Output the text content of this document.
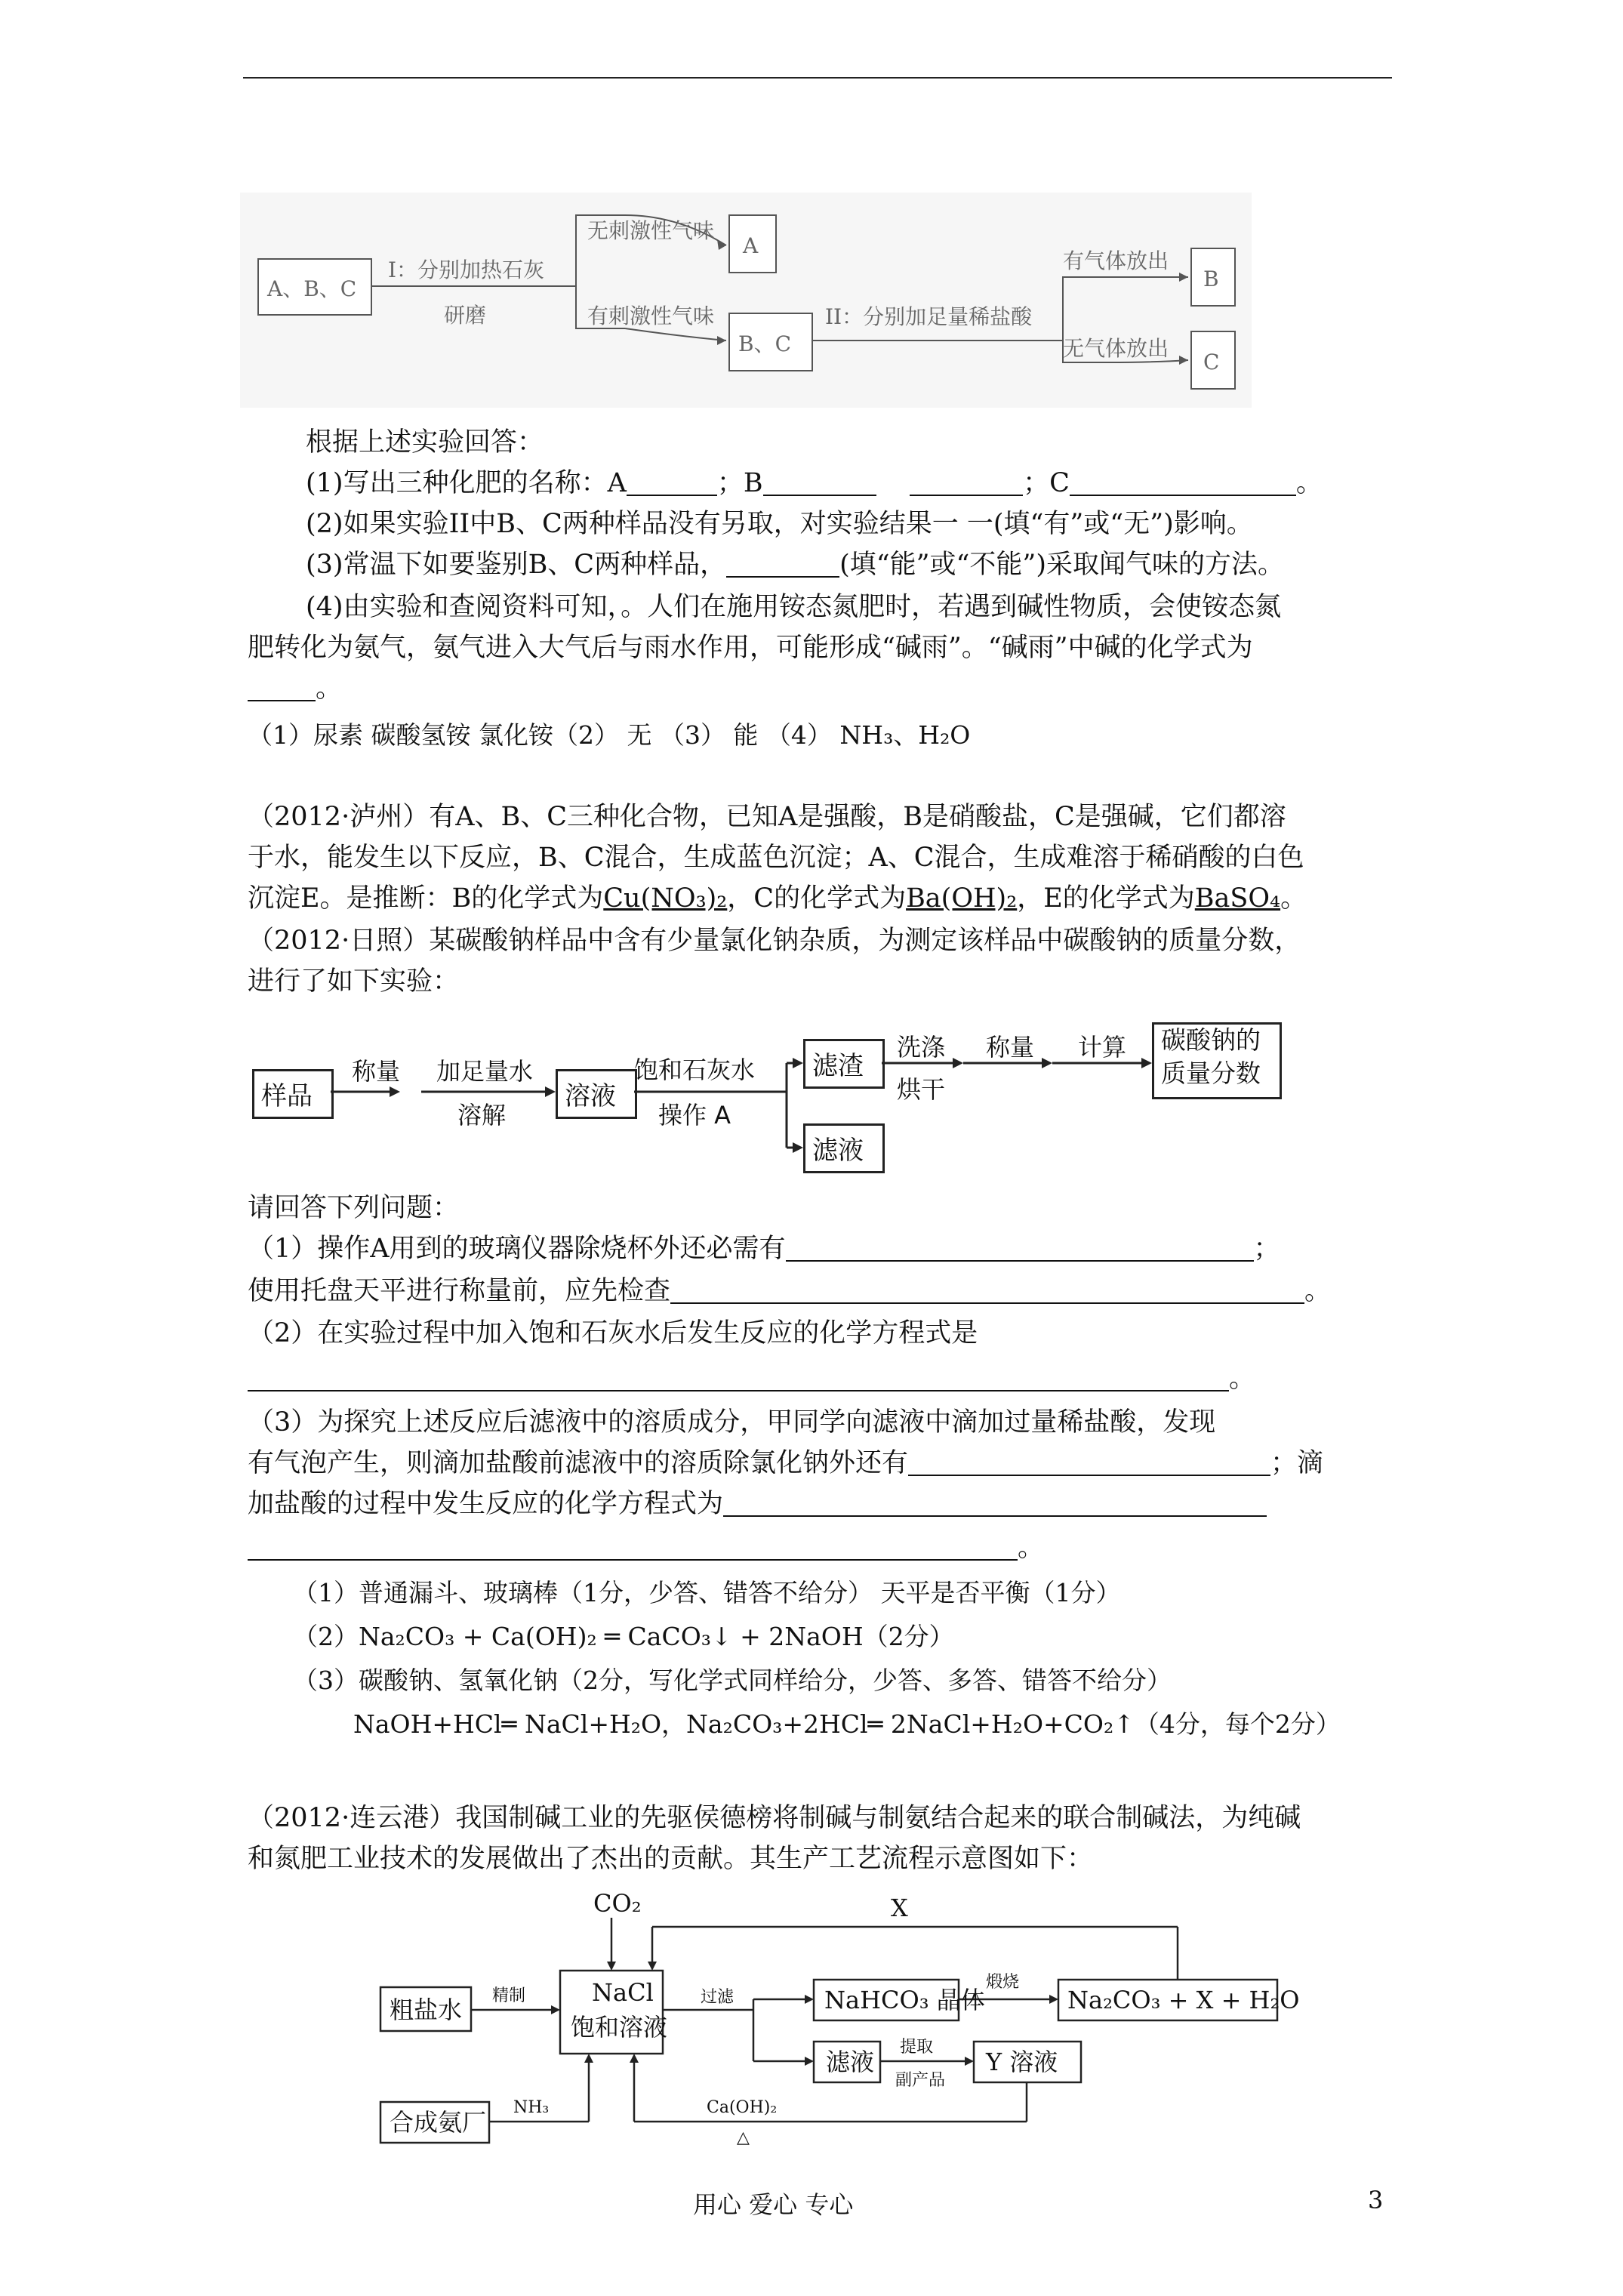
A、B、C
I：分别加热石灰
研磨
无刺激性气味
有刺激性气味
A
B、C
II：分别加足量稀盐酸
有气体放出
无气体放出
B
C
根据上述实验回答：
(1)写出三种化肥的名称：A	；B	；C	。
(2)如果实验II中B、C两种样品没有另取，对实验结果一 一(填“有”或“无”)影响。
(3)常温下如要鉴别B、C两种样品，	(填“能”或“不能”)采取闻气味的方法。
(4)由实验和查阅资料可知，。人们在施用铵态氮肥时，若遇到碱性物质，会使铵态氮
肥转化为氨气，氨气进入大气后与雨水作用，可能形成“碱雨”。“碱雨”中碱的化学式为
。
（1）尿素 碳酸氢铵 氯化铵（2） 无 （3） 能 （4） NH₃、H₂O
（2012·泸州）有A、B、C三种化合物，已知A是强酸，B是硝酸盐，C是强碱，它们都溶
于水，能发生以下反应，B、C混合，生成蓝色沉淀；A、C混合，生成难溶于稀硝酸的白色
沉淀E。是推断：B的化学式为Cu(NO₃)₂，C的化学式为Ba(OH)₂，E的化学式为BaSO₄。
（2012·日照）某碳酸钠样品中含有少量氯化钠杂质，为测定该样品中碳酸钠的质量分数，
进行了如下实验：
样品	溶液
滤渣
滤液
碳酸钠的
质量分数
称量 加足量水
溶解
饱和石灰水
操作 A
洗涤
烘干
称量 计算
请回答下列问题：
（1）操作A用到的玻璃仪器除烧杯外还必需有	；
使用托盘天平进行称量前，应先检查	。
（2）在实验过程中加入饱和石灰水后发生反应的化学方程式是
。
（3）为探究上述反应后滤液中的溶质成分，甲同学向滤液中滴加过量稀盐酸，发现
有气泡产生，则滴加盐酸前滤液中的溶质除氯化钠外还有	；滴
加盐酸的过程中发生反应的化学方程式为
。
（1）普通漏斗、玻璃棒（1分，少答、错答不给分） 天平是否平衡（1分）
（2）Na₂CO₃ + Ca(OH)₂ ═ CaCO₃↓ + 2NaOH（2分）
（3）碳酸钠、氢氧化钠（2分，写化学式同样给分，少答、多答、错答不给分）
NaOH+HCl═ NaCl+H₂O，Na₂CO₃+2HCl═ 2NaCl+H₂O+CO₂↑（4分，每个2分）
（2012·连云港）我国制碱工业的先驱侯德榜将制碱与制氨结合起来的联合制碱法，为纯碱
和氮肥工业技术的发展做出了杰出的贡献。其生产工艺流程示意图如下：
粗盐水
NaCl
饱和溶液
NaHCO₃ 晶体	Na₂CO₃ + X + H₂O
滤液	Y 溶液
合成氨厂
CO₂	X
精制	过滤
煅烧
提取
副产品
NH₃	Ca(OH)₂
△
用心 爱心 专心	3
